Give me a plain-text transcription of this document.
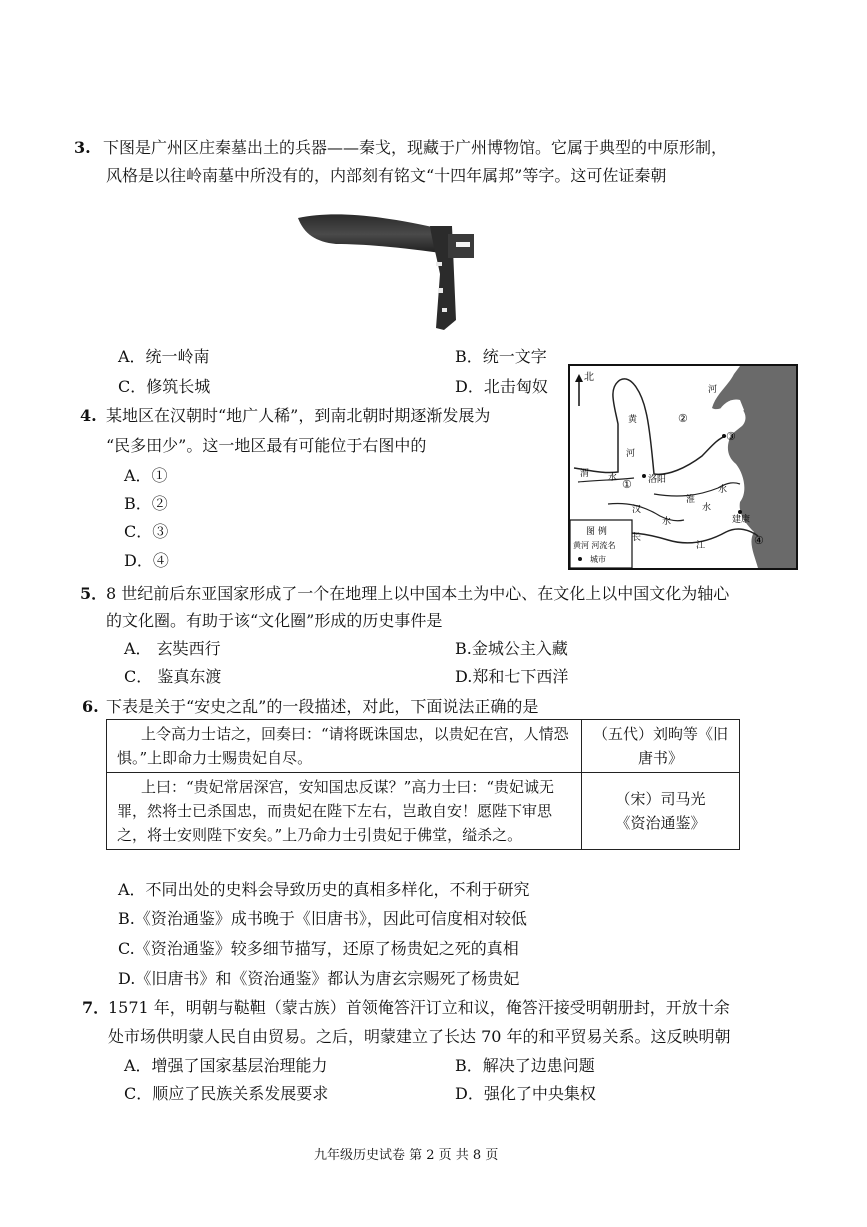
3. 下图是广州区庄秦墓出土的兵器——秦戈，现藏于广州博物馆。它属于典型的中原形制，
风格是以往岭南墓中所没有的，内部刻有铭文“十四年属邦”等字。这可佐证秦朝
A．统一岭南	B．统一文字
C．修筑长城	D．北击匈奴	北
河
②
黄
河
渭 水 ① 洛阳
③
水
淮
汉
水
水
建康
长
江	④
图 例
黄河 河流名
城市
4. 某地区在汉朝时“地广人稀”，到南北朝时期逐渐发展为
“民多田少”。这一地区最有可能位于右图中的
A．①
B．②
C．③
D．④
5．
8 世纪前后东亚国家形成了一个在地理上以中国本土为中心、在文化上以中国文化为轴心
的文化圈。有助于该“文化圈”形成的历史事件是
A． 玄奘西行	B.金城公主入藏
C． 鉴真东渡	D.郑和七下西洋
6. 下表是关于“安史之乱”的一段描述，对此，下面说法正确的是
上令高力士诘之，回奏曰：“请将既诛国忠，以贵妃在宫，人情恐惧。”上即命力士赐贵妃自尽。	（五代）刘昫等《旧
唐书》

上曰：“贵妃常居深宫，安知国忠反谋？”高力士曰：“贵妃诚无罪，然将士已杀国忠，而贵妃在陛下左右，岂敢自安！愿陛下审思之，将士安则陛下安矣。”上乃命力士引贵妃于佛堂，缢杀之。	（宋）司马光
《资治通鉴》
A．不同出处的史料会导致历史的真相多样化，不利于研究
B.《资治通鉴》成书晚于《旧唐书》，因此可信度相对较低
C.《资治通鉴》较多细节描写，还原了杨贵妃之死的真相
D.《旧唐书》和《资治通鉴》都认为唐玄宗赐死了杨贵妃
7．
1571 年，明朝与鞑靼（蒙古族）首领俺答汗订立和议，俺答汗接受明朝册封，开放十余
处市场供明蒙人民自由贸易。之后，明蒙建立了长达 70 年的和平贸易关系。这反映明朝
A．增强了国家基层治理能力	B．解决了边患问题
C．顺应了民族关系发展要求	D．强化了中央集权
九年级历史试卷 第 2 页 共 8 页
